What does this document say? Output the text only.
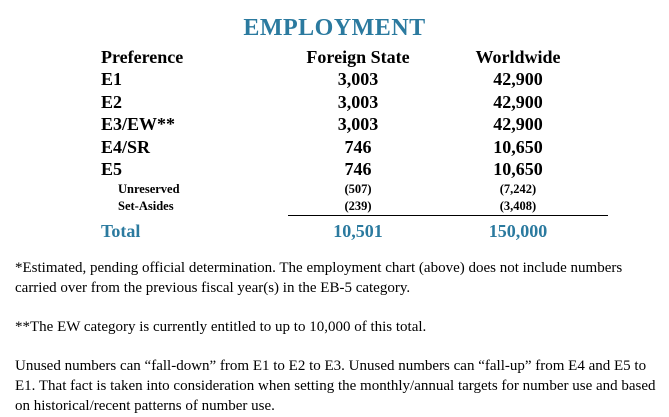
EMPLOYMENT
Preference	Foreign State	Worldwide
E1	3,003	42,900
E2	3,003	42,900
E3/EW**	3,003	42,900
E4/SR	746	10,650
E5	746	10,650
Unreserved	(507)	(7,242)
Set-Asides	(239)	(3,408)

Total	10,501	150,000
*Estimated, pending official determination. The employment chart (above) does not include numbers carried over from the previous fiscal year(s) in the EB-5 category.
**The EW category is currently entitled to up to 10,000 of this total.
Unused numbers can “fall-down” from E1 to E2 to E3. Unused numbers can “fall-up” from E4 and E5 to E1. That fact is taken into consideration when setting the monthly/annual targets for number use and based on historical/recent patterns of number use.
